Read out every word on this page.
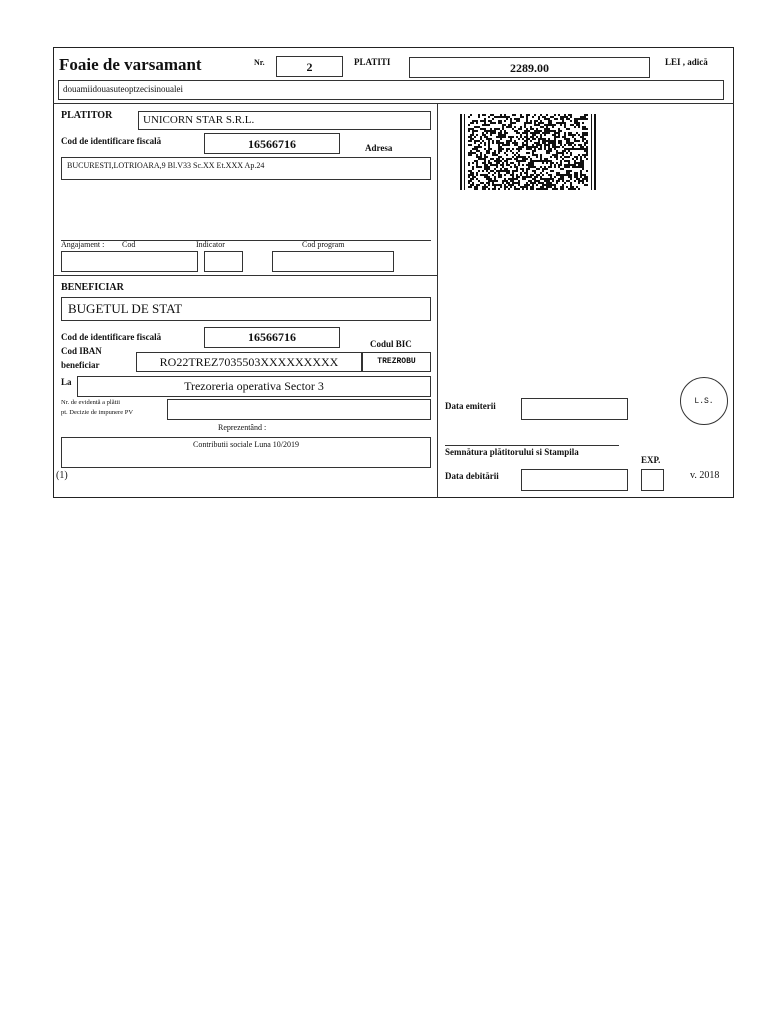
Foaie de varsamant	Nr.	2	PLATITI	2289.00	LEI , adică
douamiidouasuteoptzecisinoualei
PLATITOR	UNICORN STAR S.R.L.
Cod de identificare fiscală	16566716	Adresa
BUCURESTI,LOTRIOARA,9 Bl.V33 Sc.XX Et.XXX Ap.24
Angajament : Cod	Indicator	Cod program
BENEFICIAR
BUGETUL DE STAT
Cod de identificare fiscală	16566716	Codul BIC
Cod IBAN
beneficiar	RO22TREZ7035503XXXXXXXXX	TREZROBU
La	Trezoreria operativa Sector 3
Nr. de evidentă a plătii
pt. Decizie de impunere PV
Reprezentând :
Contributii sociale Luna 10/2019
(1)
Data emiterii	L.S.
Semnătura plătitorului si Stampila
EXP.
Data debitării	v. 2018
